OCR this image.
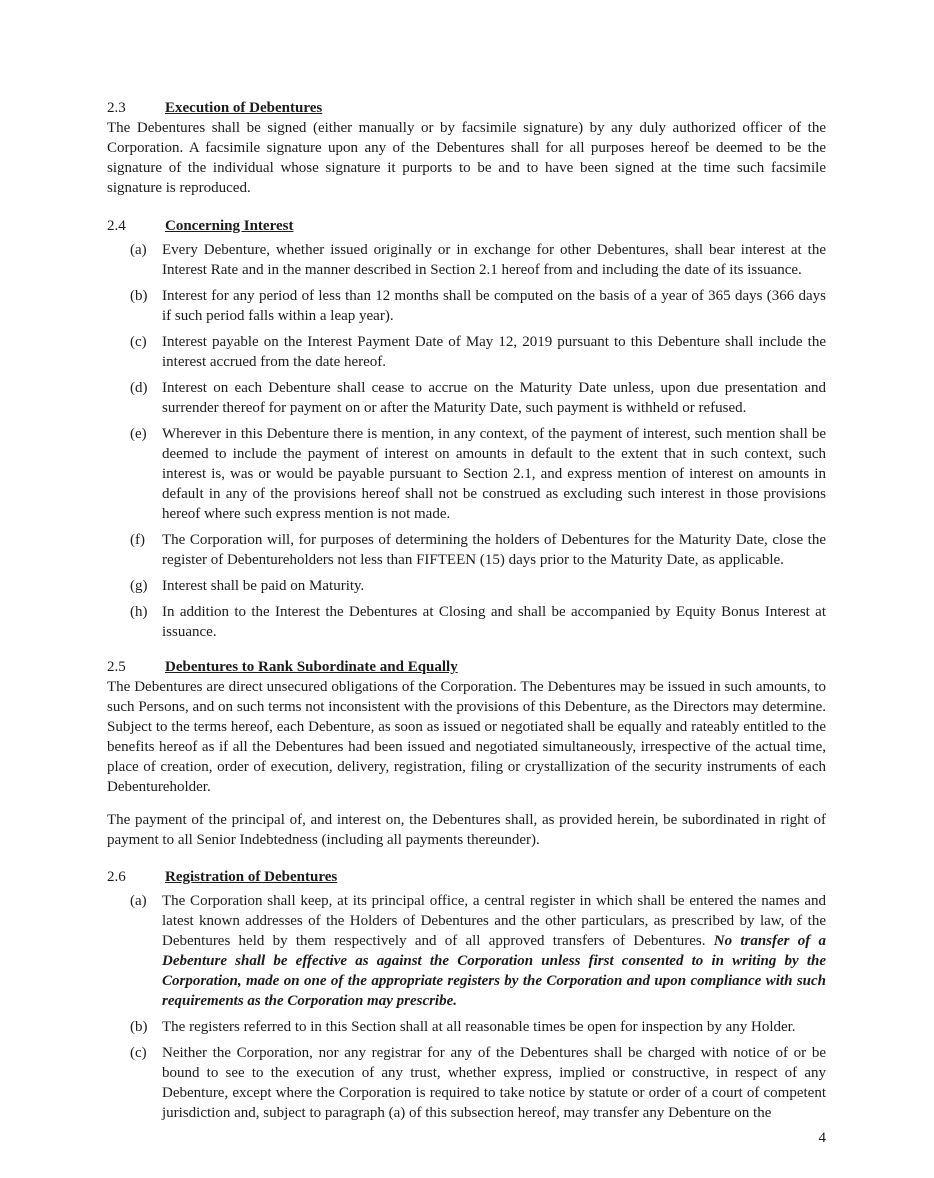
2.3	Execution of Debentures

The Debentures shall be signed (either manually or by facsimile signature) by any duly authorized officer of the Corporation. A facsimile signature upon any of the Debentures shall for all purposes hereof be deemed to be the signature of the individual whose signature it purports to be and to have been signed at the time such facsimile signature is reproduced.

2.4	Concerning Interest

(a) Every Debenture, whether issued originally or in exchange for other Debentures, shall bear interest at the Interest Rate and in the manner described in Section 2.1 hereof from and including the date of its issuance.

(b) Interest for any period of less than 12 months shall be computed on the basis of a year of 365 days (366 days if such period falls within a leap year).

(c) Interest payable on the Interest Payment Date of May 12, 2019 pursuant to this Debenture shall include the interest accrued from the date hereof.

(d) Interest on each Debenture shall cease to accrue on the Maturity Date unless, upon due presentation and surrender thereof for payment on or after the Maturity Date, such payment is withheld or refused.

(e) Wherever in this Debenture there is mention, in any context, of the payment of interest, such mention shall be deemed to include the payment of interest on amounts in default to the extent that in such context, such interest is, was or would be payable pursuant to Section 2.1, and express mention of interest on amounts in default in any of the provisions hereof shall not be construed as excluding such interest in those provisions hereof where such express mention is not made.

(f) The Corporation will, for purposes of determining the holders of Debentures for the Maturity Date, close the register of Debentureholders not less than FIFTEEN (15) days prior to the Maturity Date, as applicable.

(g) Interest shall be paid on Maturity.

(h) In addition to the Interest the Debentures at Closing and shall be accompanied by Equity Bonus Interest at issuance.

2.5	Debentures to Rank Subordinate and Equally

The Debentures are direct unsecured obligations of the Corporation. The Debentures may be issued in such amounts, to such Persons, and on such terms not inconsistent with the provisions of this Debenture, as the Directors may determine. Subject to the terms hereof, each Debenture, as soon as issued or negotiated shall be equally and rateably entitled to the benefits hereof as if all the Debentures had been issued and negotiated simultaneously, irrespective of the actual time, place of creation, order of execution, delivery, registration, filing or crystallization of the security instruments of each Debentureholder.

The payment of the principal of, and interest on, the Debentures shall, as provided herein, be subordinated in right of payment to all Senior Indebtedness (including all payments thereunder).

2.6	Registration of Debentures

(a) The Corporation shall keep, at its principal office, a central register in which shall be entered the names and latest known addresses of the Holders of Debentures and the other particulars, as prescribed by law, of the Debentures held by them respectively and of all approved transfers of Debentures. No transfer of a Debenture shall be effective as against the Corporation unless first consented to in writing by the Corporation, made on one of the appropriate registers by the Corporation and upon compliance with such requirements as the Corporation may prescribe.

(b) The registers referred to in this Section shall at all reasonable times be open for inspection by any Holder.

(c) Neither the Corporation, nor any registrar for any of the Debentures shall be charged with notice of or be bound to see to the execution of any trust, whether express, implied or constructive, in respect of any Debenture, except where the Corporation is required to take notice by statute or order of a court of competent jurisdiction and, subject to paragraph (a) of this subsection hereof, may transfer any Debenture on the

4
